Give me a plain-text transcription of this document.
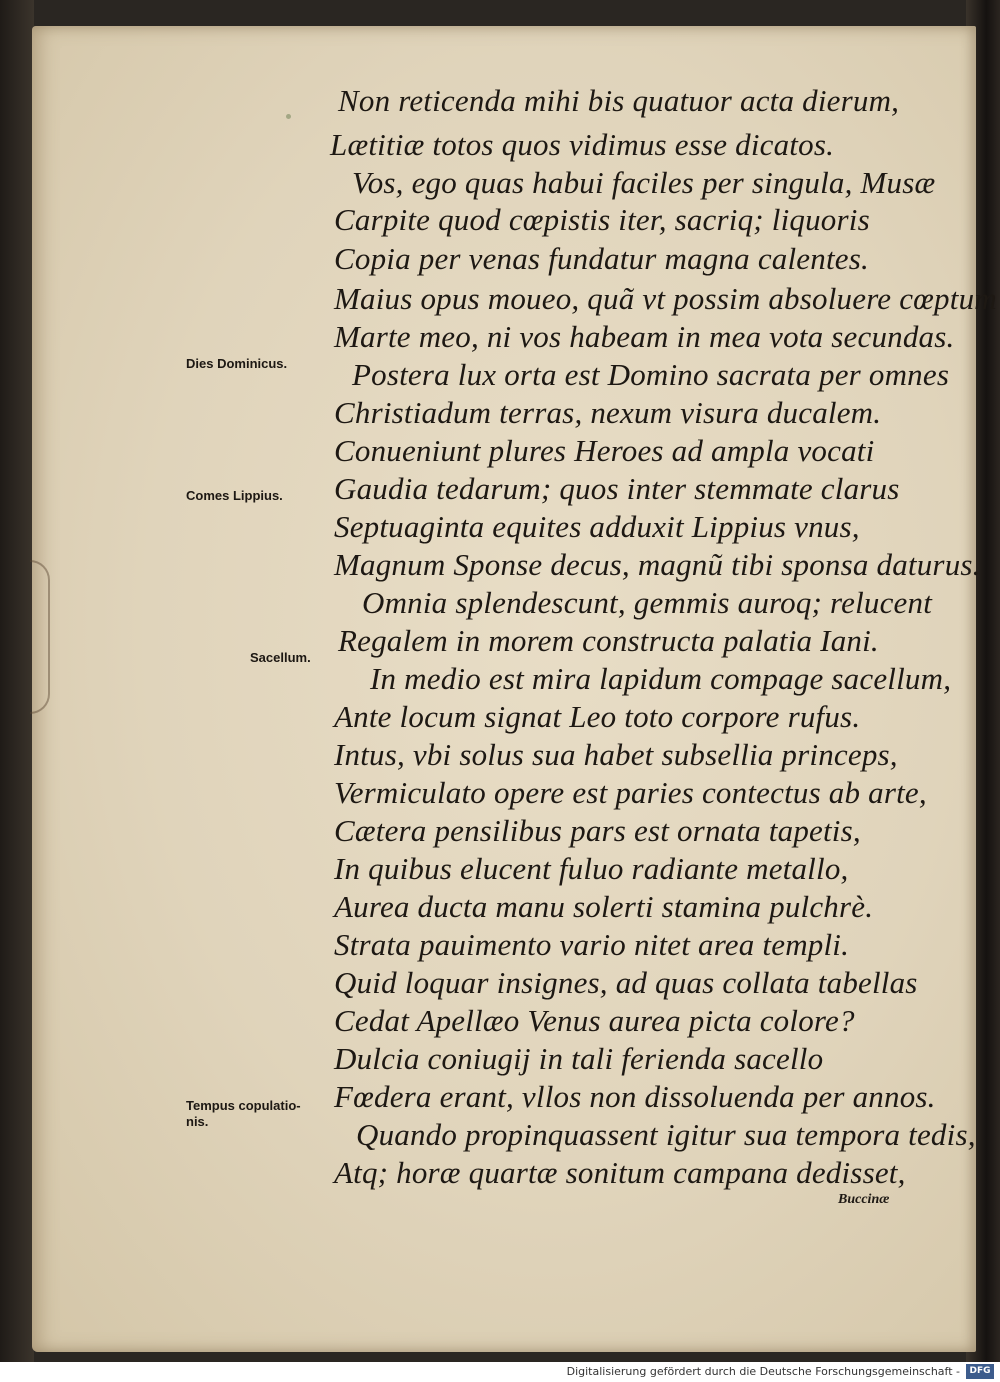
Non reticenda mihi bis quatuor acta dierum,

Lætitiæ totos quos vidimus esse dicatos.

Vos, ego quas habui faciles per singula, Musæ

Carpite quod cœpistis iter, sacriq; liquoris

Copia per venas fundatur magna calentes.

Maius opus moueo, quã vt possim absoluere cœptum

Marte meo, ni vos habeam in mea vota secundas.

Postera lux orta est Domino sacrata per omnes

Christiadum terras, nexum visura ducalem.

Conueniunt plures Heroes ad ampla vocati

Gaudia tedarum; quos inter stemmate clarus

Septuaginta equites adduxit Lippius vnus,

Magnum Sponse decus, magnũ tibi sponsa daturus.

Omnia splendescunt, gemmis auroq; relucent

Regalem in morem constructa palatia Iani.

In medio est mira lapidum compage sacellum,

Ante locum signat Leo toto corpore rufus.

Intus, vbi solus sua habet subsellia princeps,

Vermiculato opere est paries contectus ab arte,

Cætera pensilibus pars est ornata tapetis,

In quibus elucent fuluo radiante metallo,

Aurea ducta manu solerti stamina pulchrè.

Strata pauimento vario nitet area templi.

Quid loquar insignes, ad quas collata tabellas

Cedat Apellæo Venus aurea picta colore?

Dulcia coniugij in tali ferienda sacello

Fœdera erant, vllos non dissoluenda per annos.

Quando propinquassent igitur sua tempora tedis,

Atq; horæ quartæ sonitum campana dedisset,

Dies Dominicus.
Comes Lippius.
Sacellum.
Tempus copulatio-
nis.
Buccinæ
Digitalisierung gefördert durch die Deutsche Forschungsgemeinschaft -	DFG
